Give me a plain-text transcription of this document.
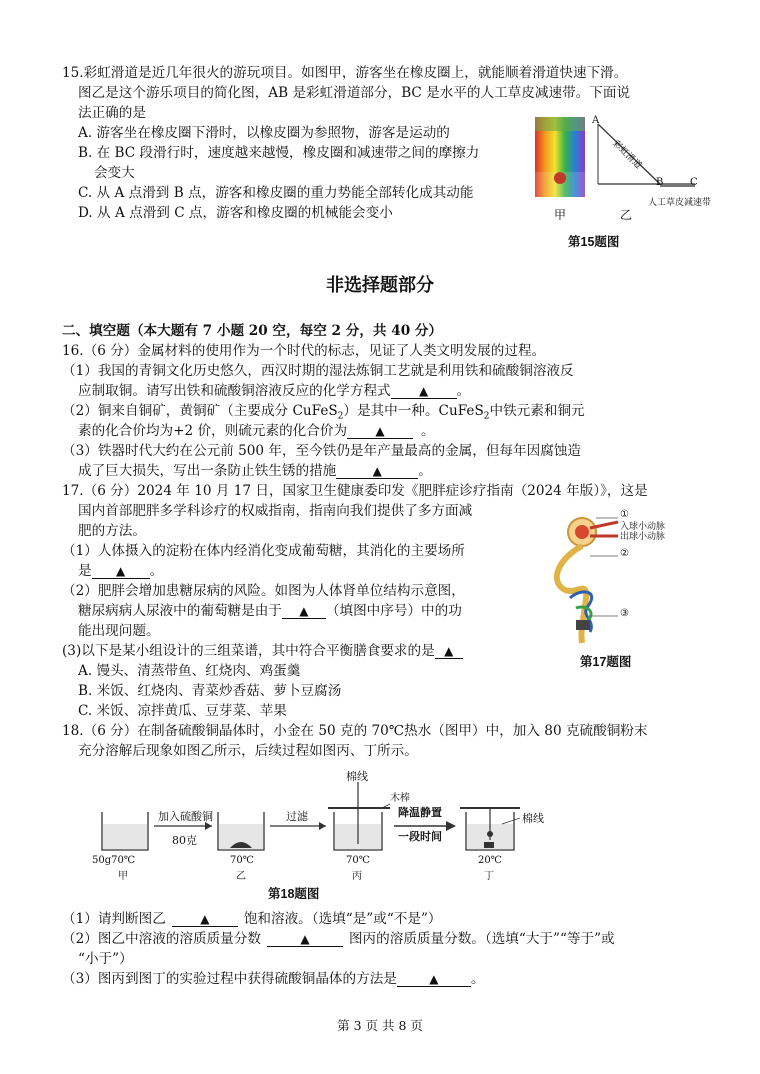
15.彩虹滑道是近几年很火的游玩项目。如图甲，游客坐在橡皮圈上，就能顺着滑道快速下滑。
图乙是这个游乐项目的简化图，AB 是彩虹滑道部分，BC 是水平的人工草皮减速带。下面说
法正确的是
A. 游客坐在橡皮圈下滑时，以橡皮圈为参照物，游客是运动的
B. 在 BC 段滑行时，速度越来越慢，橡皮圈和减速带之间的摩擦力
会变大
C. 从 A 点滑到 B 点，游客和橡皮圈的重力势能全部转化成其动能
D. 从 A 点滑到 C 点，游客和橡皮圈的机械能会变小
A
B	C
彩虹滑道
人工草皮减速带
甲	乙
第15题图
非选择题部分
二、填空题（本大题有 7 小题 20 空，每空 2 分，共 40 分）
16.（6 分）金属材料的使用作为一个时代的标志，见证了人类文明发展的过程。
（1）我国的青铜文化历史悠久，西汉时期的湿法炼铜工艺就是利用铁和硫酸铜溶液反
应制取铜。请写出铁和硫酸铜溶液反应的化学方程式 ▲ 。
（2）铜来自铜矿，黄铜矿（主要成分 CuFeS$_2$）是其中一种。CuFeS$_2$中铁元素和铜元
素的化合价均为+2 价，则硫元素的化合价为 ▲	。
（3）铁器时代大约在公元前 500 年，至今铁仍是年产量最高的金属，但每年因腐蚀造
成了巨大损失，写出一条防止铁生锈的措施	▲	。
17.（6 分）2024 年 10 月 17 日，国家卫生健康委印发《肥胖症诊疗指南（2024 年版）》，这是
国内首部肥胖多学科诊疗的权威指南，指南向我们提供了多方面减
肥的方法。
（1）人体摄入的淀粉在体内经消化变成葡萄糖，其消化的主要场所
是 ▲ 。
（2）肥胖会增加患糖尿病的风险。如图为人体肾单位结构示意图，
糖尿病病人尿液中的葡萄糖是由于 ▲ （填图中序号）中的功
能出现问题。
(3)以下是某小组设计的三组菜谱，其中符合平衡膳食要求的是 ▲
A. 馒头、清蒸带鱼、红烧肉、鸡蛋羹
B. 米饭、红烧肉、青菜炒香菇、萝卜豆腐汤
C. 米饭、凉拌黄瓜、豆芽菜、苹果
①
入球小动脉
出球小动脉
②
③
第17题图
18.（6 分）在制备硫酸铜晶体时，小金在 50 克的 70℃热水（图甲）中，加入 80 克硫酸铜粉末
充分溶解后现象如图乙所示，后续过程如图丙、丁所示。
加入硫酸铜
80克
过滤
棉线
木棒
降温静置
一段时间
棉线
50g70℃	70℃	70℃	20℃
甲	乙	丙	丁
第18题图
（1）请判断图乙	▲	饱和溶液。（选填“是”或“不是”）
（2）图乙中溶液的溶质质量分数	▲	图丙的溶质质量分数。（选填“大于”“等于”或
“小于”）
（3）图丙到图丁的实验过程中获得硫酸铜晶体的方法是	▲ 。
第 3 页 共 8 页
